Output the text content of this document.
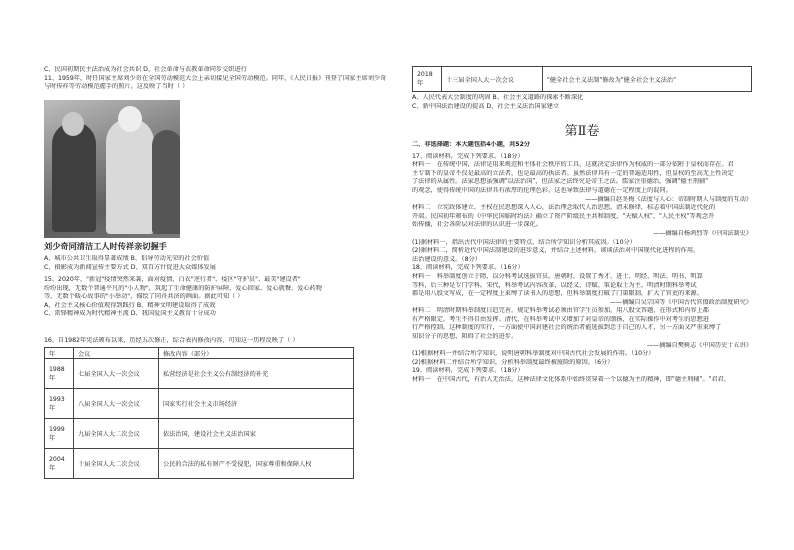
C、民国初期民主法治成为社会共识 D、社会革命与衣教革命同步交织进行
11、1959年，时任国家主席刘少奇在全国劳动模范大会上亲切接见全国劳动模范。同年，《人民日报》刊登了国家主席刘少奇
与时传祥等劳动模范握手的照片。这反映了当时（ ）
刘少奇同清洁工人时传祥亲切握手
A、城市公共卫生取得显著成绩 B、倡导劳动光荣的社会价值
C、摄影成为新闻宣传主要方式 D、双百方针促进大众媒体发展
15、2020年，"新冠"疫情突然来袭，面对疫情，白衣"逆行者"、疫区"守护员"、最美"建设者"
纷纷出现，无数个普通平凡的"小人物"，筑起了生命健康的防护屏障，爱心回家、爱心就餐、爱心药物
等，无数个暖心故事的"小举动"，描绘了同舟共济的画面。据此可知（ ）
A、社会主义核心价值观得到践行 B、精神文明建设取得了成效
C、雷锋精神成为时代精神主流 D、我国爱国主义教育十分成功
16、自1982年宪法颁布以来，历经五次修正，综合表内修改内容，可知这一历程反映了（ ）
年	会议	修改内容（部分）
1988年	七届全国人大一次会议	私营经济是社会主义公有制经济的补充
1993年	八届全国人大一次会议	国家实行社会主义市场经济
1999年	九届全国人大二次会议	依法治国，建设社会主义法治国家
2004年	十届全国人大二次会议	公民的合法的私有财产不受侵犯，国家尊重和保障人权
2018年	十三届全国人大一次会议	"健全社会主义法制"修改为"健全社会主义法治"
A、人民代表大会制度的巩固 B、社会主义道路的探索不断深化
C、新中国法治建设的提高 D、社会主义法治国家建立
第Ⅱ卷
二、非选择题：本大题包括4小题，共52分
17、阅读材料，完成下列要求。（18分）
材料一　在传统中国，法律是用来规范和主体社会秩序的工具，这就决定法律作为权威的一部分依附于皇权而存在。君
主专制下的皇帝不仅是最高的立法者，也是最高的执法者。虽然法律具有一定的普遍适用性，但皇权的至高无上性决定
了法律的从属性。法家思想虽强调"以法治国"，但法家之法终究是帝王之法。儒家注重德治，强调"德主刑辅"
的观念，使得传统中国的法律具有浓厚的伦理色彩，这也导致法律与道德在一定程度上的混同。
——摘编自赵冬梅《法度与人心：帝制时期人与制度的互动》
材料二　立宪政体建立、主权在民思想深入人心，法治理念取代人治思想。清末修律，标志着中国法制近代化的
开端。民国初年颁布的《中华民国临时约法》确立了资产阶级民主共和制度，"天赋人权"、"人民主权"等观念开
始传播，社会各阶层对法律的认识进一步深化。
——摘编自杨鸿烈等《中国法制史》
(1)据材料一，指出古代中国法律的主要特点，结合所学知识分析其成因。（10分）
(2)据材料二，简析近代中国法制建设的进步意义，并结合上述材料，谈谈法治对中国现代化进程的作用。
法治建设的意义。（8分）
18、阅读材料，完成下列要求。（16分）
材料一　科举制度创立于隋，以分科考试选拔官员。唐朝时，设置了秀才、进士、明经、明法、明书、明算
等科，后三种是专门学科。宋代，科举考试内容改革，以经义、诗赋、策论取士为主。明清时期科举考试
都是用八股文写成，在一定程度上束缚了读书人的思想，但科举制度打破了门第限制，扩大了官吏的来源。
——摘编自吴宗国等《中国古代官僚政治制度研究》
材料二　明清时期科举制度日趋完善，规定科举考试必须由官学生员参加，用八股文答题，在形式和内容上都
有严格限定，考生不得自由发挥。清代，在科举考试中又增加了对皇帝的颂扬，在实际操作中对考生的思想进
行严格控制。这种制度的实行，一方面使中国封建社会的统治者能选拔到忠于自己的人才，另一方面又严重束缚了
知识分子的思想，阻碍了社会的进步。
——摘编自樊树志《中国历史十五讲》
(1)根据材料一并结合所学知识，说明唐朝科举制度对中国古代社会发展的作用。（10分）
(2)根据材料二并结合所学知识，分析科举制度最终被废除的原因。（6分）
19、阅读材料，完成下列要求。（18分）
材料一　在中国古代，有治人无治法，这种法律文化体系中始终贯穿着一个以德为主的精神，即"德主刑辅"。"君君、
